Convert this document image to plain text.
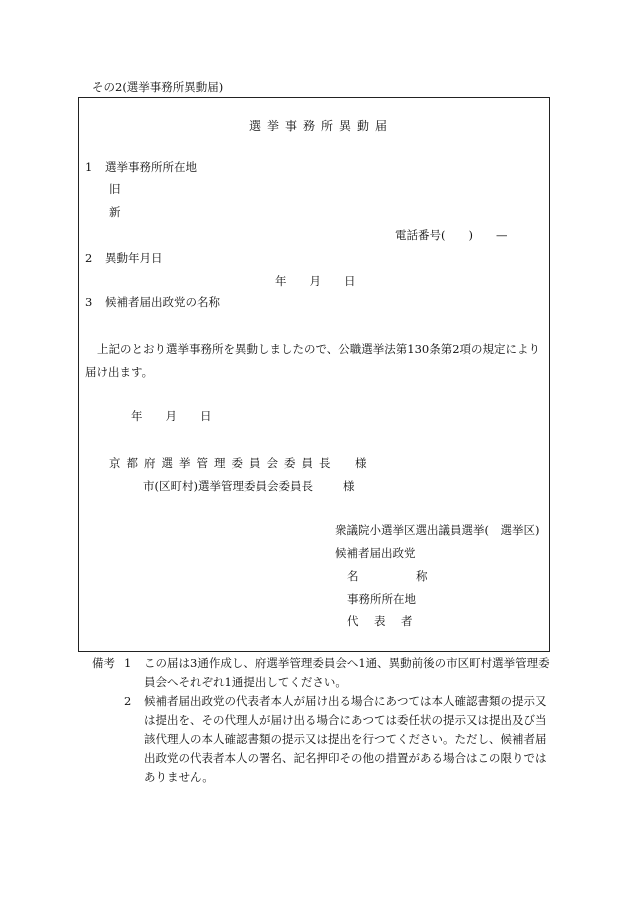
その2(選挙事務所異動届)
選挙事務所異動届
1 選挙事務所所在地
旧
新
電話番号(　　)　　—
2 異動年月日
年　　月　　日
3 候補者届出政党の名称
上記のとおり選挙事務所を異動しましたので、公職選挙法第130条第2項の規定により届け出ます。
年　　月　　日
京都府選挙管理委員会委員長 様
市(区町村)選挙管理委員会委員長	様
衆議院小選挙区選出議員選挙(　選挙区)
候補者届出政党
名　　　　　称
事務所所在地
代　表　者
備考 1 この届は3通作成し、府選挙管理委員会へ1通、異動前後の市区町村選挙管理委員会へそれぞれ1通提出してください。
2 候補者届出政党の代表者本人が届け出る場合にあつては本人確認書類の提示又は提出を、その代理人が届け出る場合にあつては委任状の提示又は提出及び当該代理人の本人確認書類の提示又は提出を行つてください。ただし、候補者届出政党の代表者本人の署名、記名押印その他の措置がある場合はこの限りではありません。
